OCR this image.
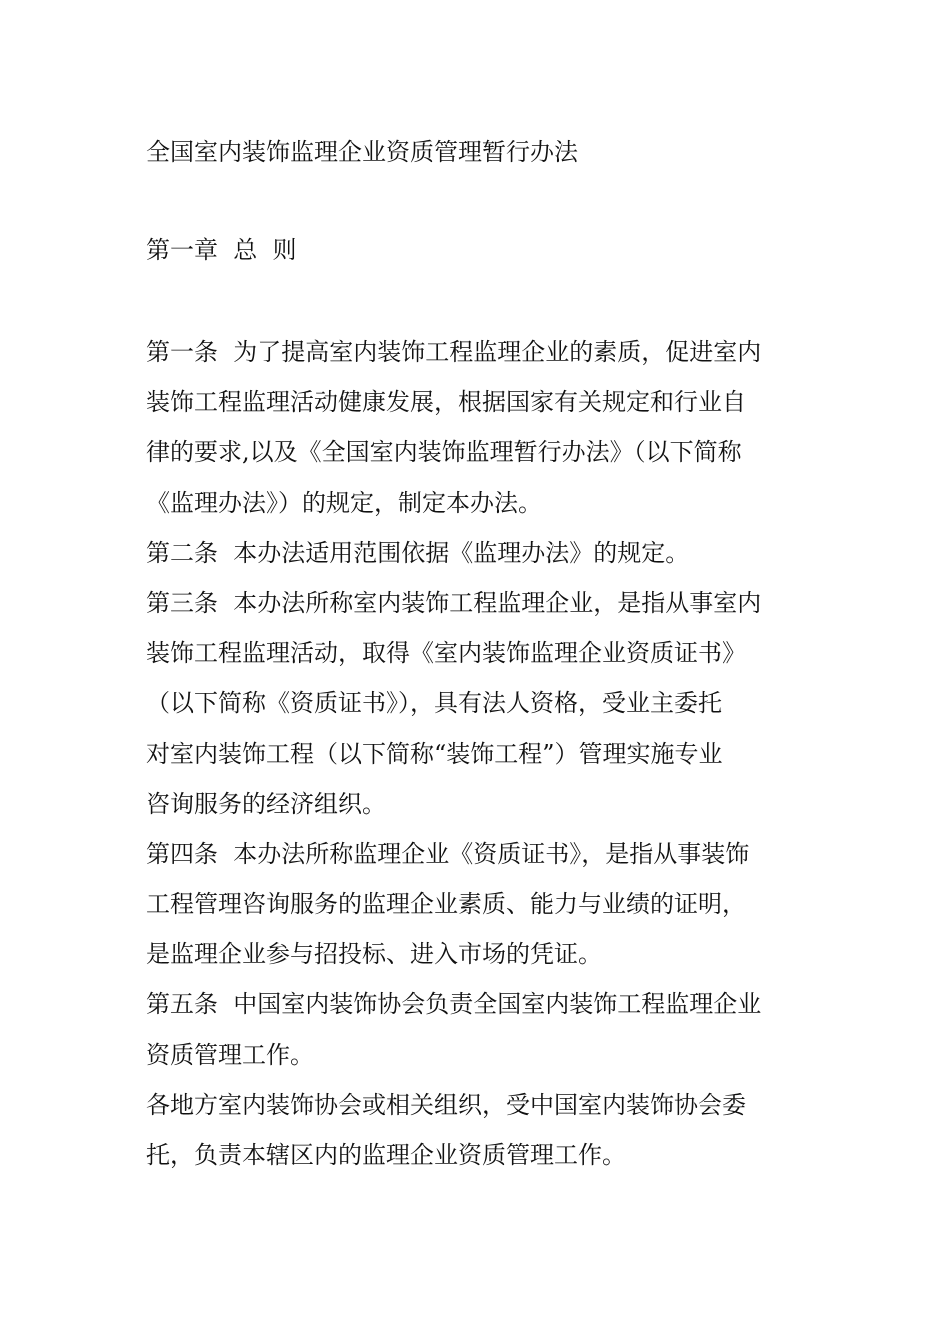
全国室内装饰监理企业资质管理暂行办法
第一章  总  则
第一条  为了提高室内装饰工程监理企业的素质，促进室内
装饰工程监理活动健康发展，根据国家有关规定和行业自
律的要求,以及《全国室内装饰监理暂行办法》（以下简称
《监理办法》）的规定，制定本办法。
第二条  本办法适用范围依据《监理办法》的规定。
第三条  本办法所称室内装饰工程监理企业，是指从事室内
装饰工程监理活动，取得《室内装饰监理企业资质证书》
（以下简称《资质证书》），具有法人资格，受业主委托
对室内装饰工程（以下简称“装饰工程”）管理实施专业
咨询服务的经济组织。
第四条  本办法所称监理企业《资质证书》，是指从事装饰
工程管理咨询服务的监理企业素质、能力与业绩的证明，
是监理企业参与招投标、进入市场的凭证。
第五条  中国室内装饰协会负责全国室内装饰工程监理企业
资质管理工作。
各地方室内装饰协会或相关组织，受中国室内装饰协会委
托，负责本辖区内的监理企业资质管理工作。
